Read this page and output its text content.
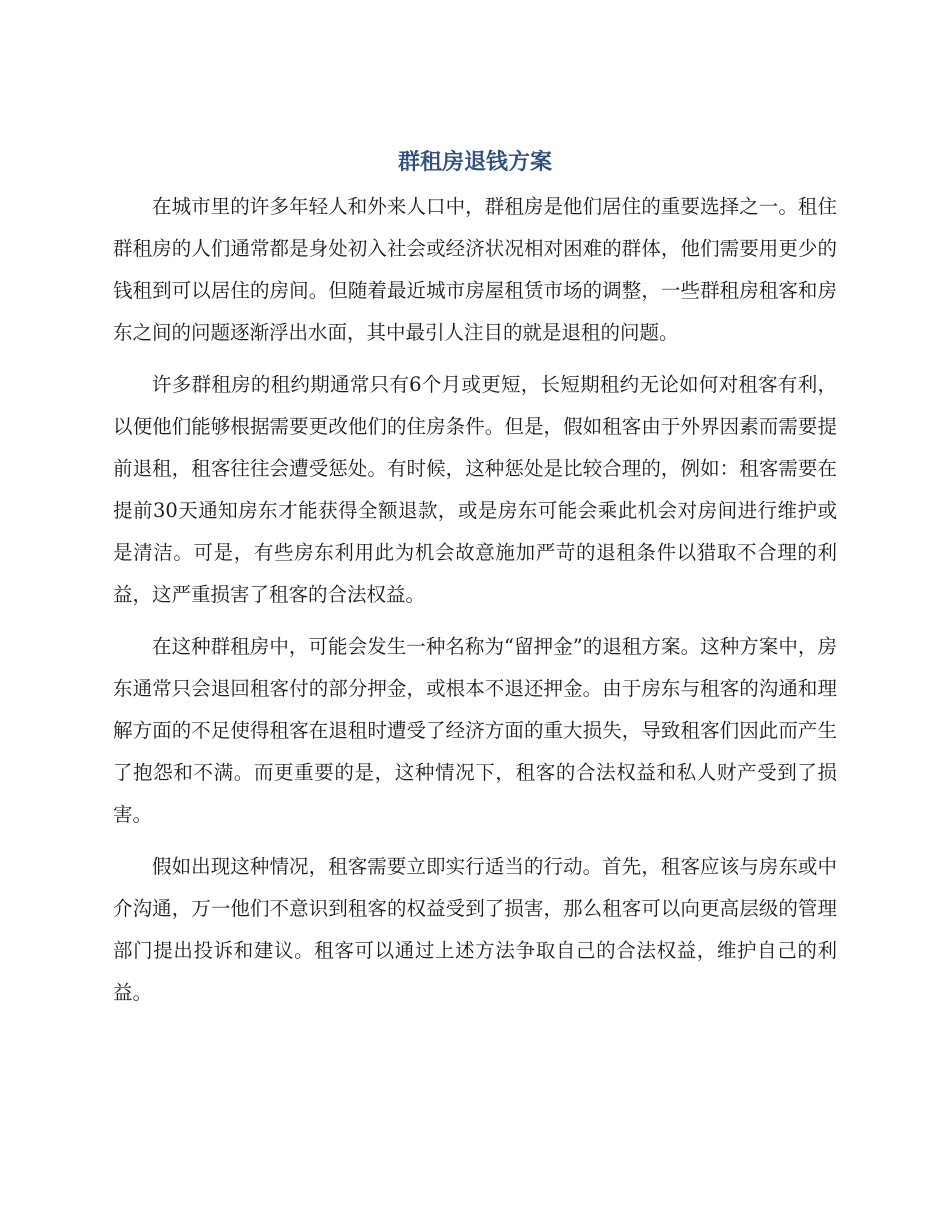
群租房退钱方案

在城市里的许多年轻人和外来人口中，群租房是他们居住的重要选择之一。租住群租房的人们通常都是身处初入社会或经济状况相对困难的群体，他们需要用更少的钱租到可以居住的房间。但随着最近城市房屋租赁市场的调整，一些群租房租客和房东之间的问题逐渐浮出水面，其中最引人注目的就是退租的问题。

许多群租房的租约期通常只有6个月或更短，长短期租约无论如何对租客有利，以便他们能够根据需要更改他们的住房条件。但是，假如租客由于外界因素而需要提前退租，租客往往会遭受惩处。有时候，这种惩处是比较合理的，例如：租客需要在提前30天通知房东才能获得全额退款，或是房东可能会乘此机会对房间进行维护或是清洁。可是，有些房东利用此为机会故意施加严苛的退租条件以猎取不合理的利益，这严重损害了租客的合法权益。

在这种群租房中，可能会发生一种名称为“留押金”的退租方案。这种方案中，房东通常只会退回租客付的部分押金，或根本不退还押金。由于房东与租客的沟通和理解方面的不足使得租客在退租时遭受了经济方面的重大损失，导致租客们因此而产生了抱怨和不满。而更重要的是，这种情况下，租客的合法权益和私人财产受到了损害。

假如出现这种情况，租客需要立即实行适当的行动。首先，租客应该与房东或中介沟通，万一他们不意识到租客的权益受到了损害，那么租客可以向更高层级的管理部门提出投诉和建议。租客可以通过上述方法争取自己的合法权益，维护自己的利益。
